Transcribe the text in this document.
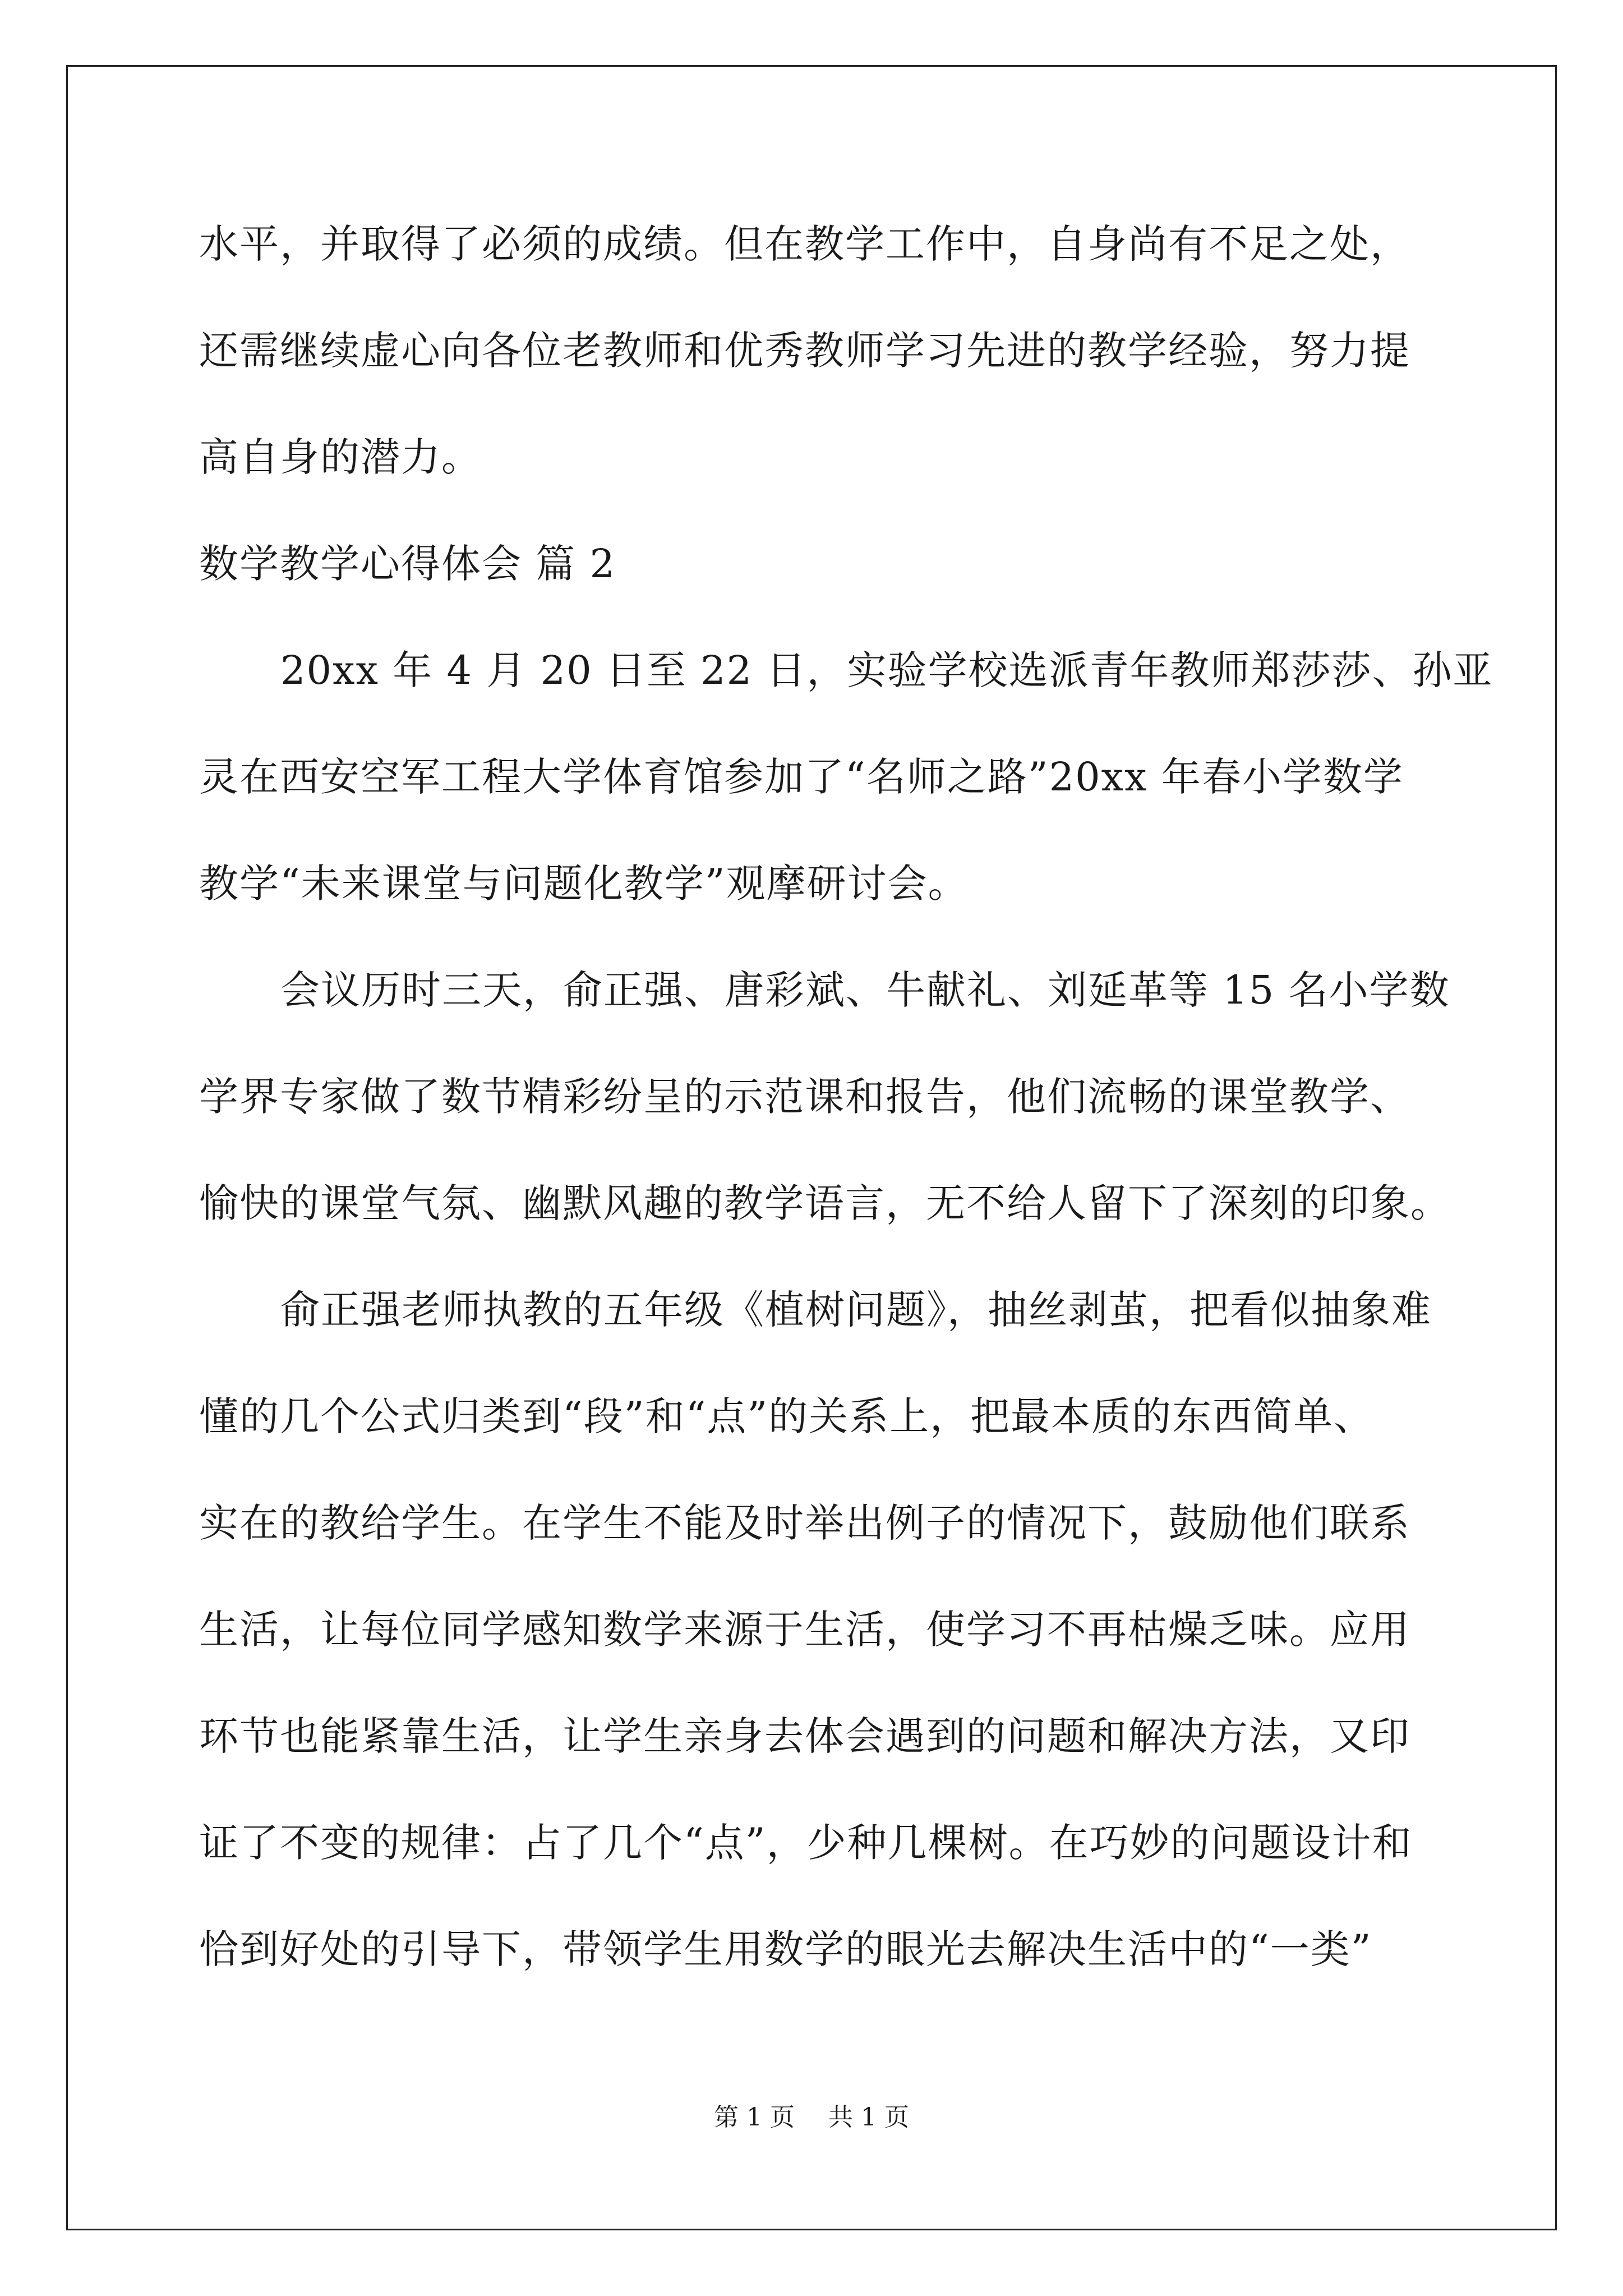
水平，并取得了必须的成绩。但在教学工作中，自身尚有不足之处，
还需继续虚心向各位老教师和优秀教师学习先进的教学经验，努力提
高自身的潜力。
数学教学心得体会 篇 2
20xx 年 4 月 20 日至 22 日，实验学校选派青年教师郑莎莎、孙亚
灵在西安空军工程大学体育馆参加了“名师之路”20xx 年春小学数学
教学“未来课堂与问题化教学”观摩研讨会。
会议历时三天，俞正强、唐彩斌、牛献礼、刘延革等 15 名小学数
学界专家做了数节精彩纷呈的示范课和报告，他们流畅的课堂教学、
愉快的课堂气氛、幽默风趣的教学语言，无不给人留下了深刻的印象。
俞正强老师执教的五年级《植树问题》，抽丝剥茧，把看似抽象难
懂的几个公式归类到“段”和“点”的关系上，把最本质的东西简单、
实在的教给学生。在学生不能及时举出例子的情况下，鼓励他们联系
生活，让每位同学感知数学来源于生活，使学习不再枯燥乏味。应用
环节也能紧靠生活，让学生亲身去体会遇到的问题和解决方法，又印
证了不变的规律：占了几个“点”，少种几棵树。在巧妙的问题设计和
恰到好处的引导下，带领学生用数学的眼光去解决生活中的“一类”
第 1 页 共 1 页
